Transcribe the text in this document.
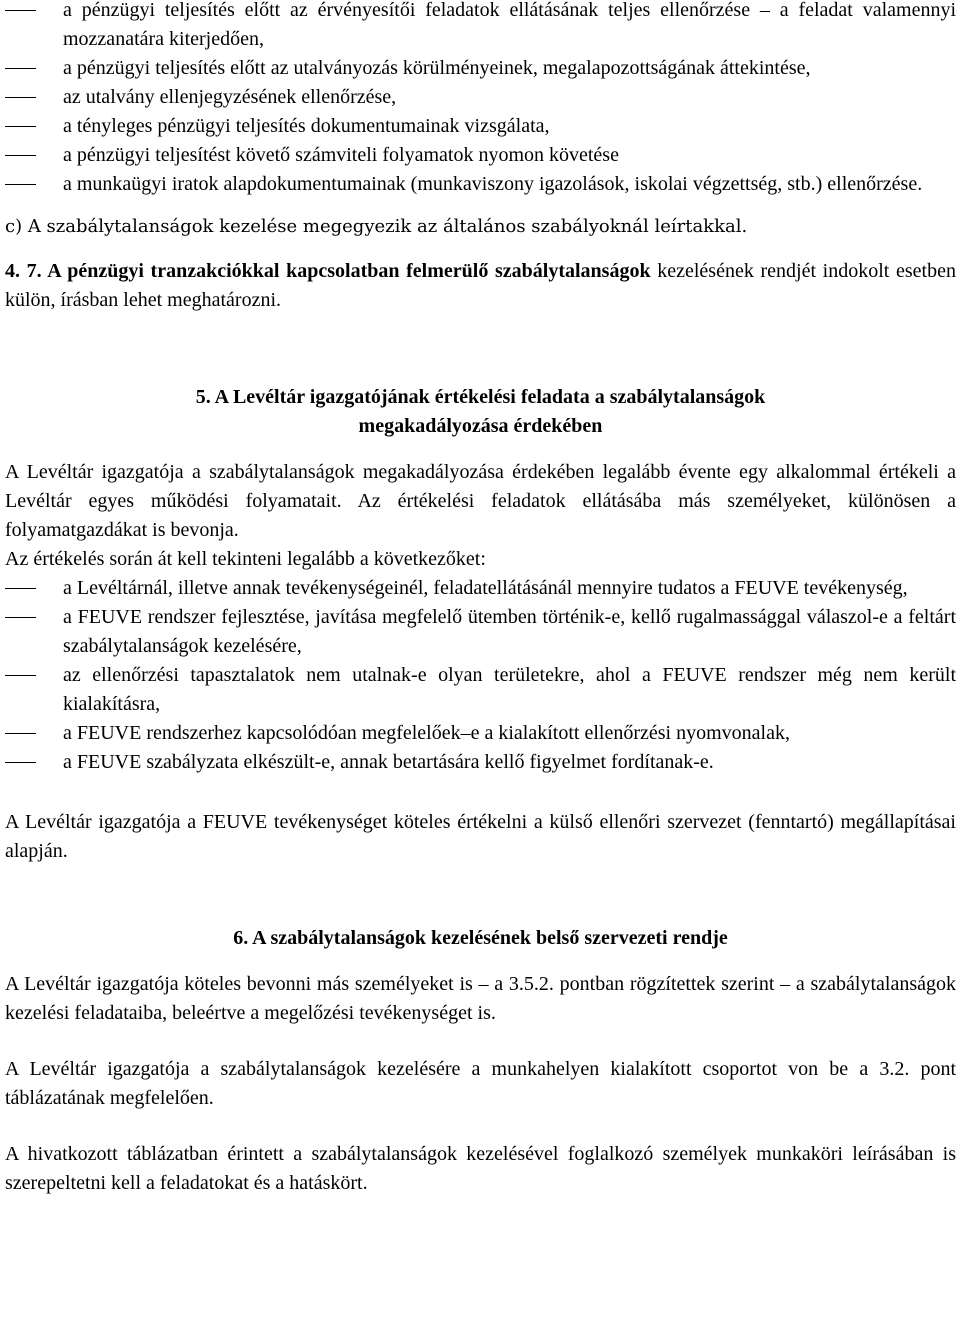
a pénzügyi teljesítés előtt az érvényesítői feladatok ellátásának teljes ellenőrzése – a feladat valamennyi mozzanatára kiterjedően,
a pénzügyi teljesítés előtt az utalványozás körülményeinek, megalapozottságának áttekintése,
az utalvány ellenjegyzésének ellenőrzése,
a tényleges pénzügyi teljesítés dokumentumainak vizsgálata,
a pénzügyi teljesítést követő számviteli folyamatok nyomon követése
a munkaügyi iratok alapdokumentumainak (munkaviszony igazolások, iskolai végzettség, stb.) ellenőrzése.

c) A szabálytalanságok kezelése megegyezik az általános szabályoknál leírtakkal.

4. 7. A pénzügyi tranzakciókkal kapcsolatban felmerülő szabálytalanságok kezelésének rendjét indokolt esetben külön, írásban lehet meghatározni.

5. A Levéltár igazgatójának értékelési feladata a szabálytalanságok
megakadályozása érdekében

A Levéltár igazgatója a szabálytalanságok megakadályozása érdekében legalább évente egy alkalommal értékeli a Levéltár egyes működési folyamatait. Az értékelési feladatok ellátásába más személyeket, különösen a folyamatgazdákat is bevonja.

Az értékelés során át kell tekinteni legalább a következőket:

a Levéltárnál, illetve annak tevékenységeinél, feladatellátásánál mennyire tudatos a FEUVE tevékenység,
a FEUVE rendszer fejlesztése, javítása megfelelő ütemben történik-e, kellő rugalmassággal válaszol-e a feltárt szabálytalanságok kezelésére,
az ellenőrzési tapasztalatok nem utalnak-e olyan területekre, ahol a FEUVE rendszer még nem került kialakításra,
a FEUVE rendszerhez kapcsolódóan megfelelőek–e a kialakított ellenőrzési nyomvonalak,
a FEUVE szabályzata elkészült-e, annak betartására kellő figyelmet fordítanak-e.

A Levéltár igazgatója a FEUVE tevékenységet köteles értékelni a külső ellenőri szervezet (fenntartó) megállapításai alapján.

6. A szabálytalanságok kezelésének belső szervezeti rendje

A Levéltár igazgatója köteles bevonni más személyeket is – a 3.5.2. pontban rögzítettek szerint – a szabálytalanságok kezelési feladataiba, beleértve a megelőzési tevékenységet is.

A Levéltár igazgatója a szabálytalanságok kezelésére a munkahelyen kialakított csoportot von be a 3.2. pont táblázatának megfelelően.

A hivatkozott táblázatban érintett a szabálytalanságok kezelésével foglalkozó személyek munkaköri leírásában is szerepeltetni kell a feladatokat és a hatáskört.
